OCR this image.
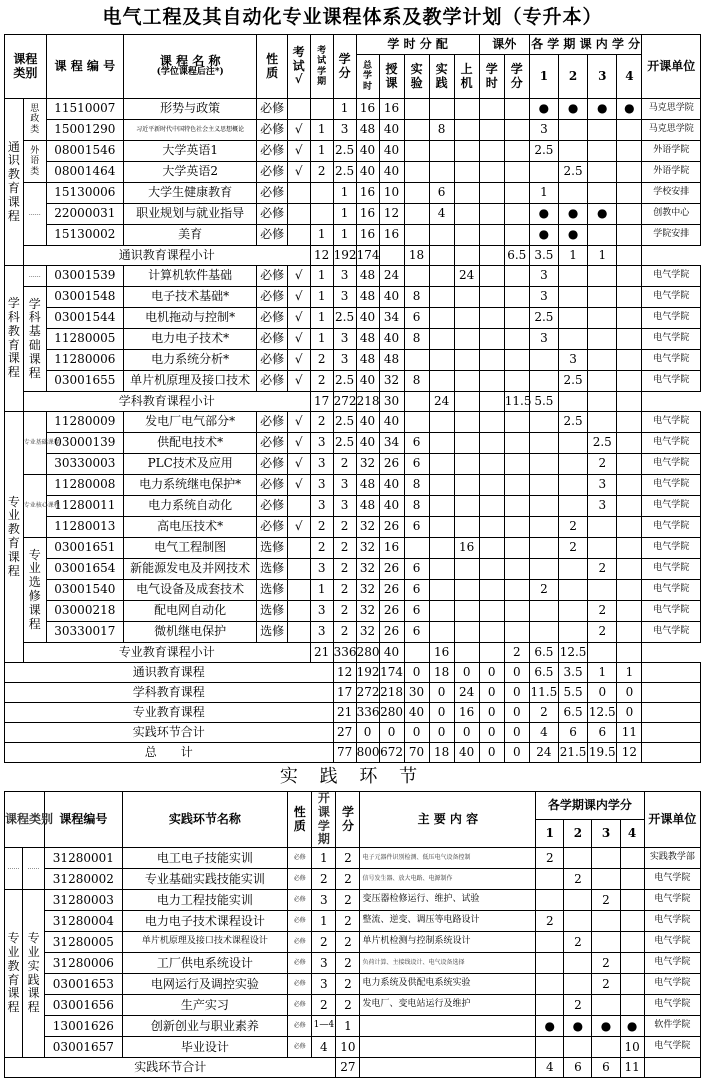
电气工程及其自动化专业课程体系及教学计划（专升本）
课程类别		课 程 编 号	课 程 名 称
(学位课程后注*)	性质	考试√	考试学期	学分	学 时 分 配					课外		各 学 期 课 内 学 分				开课单位

								总学时	授课	实验	实践	上机	学时	学分	1	2	3	4	

通识教育课程	思政类	11510007	形势与政策	必修			1	16	16						●	●	●	●	马克思学院
		15001290	习近平新时代中国特色社会主义思想概论	必修	√	1	3	48	40		8				3				马克思学院

	外语类	08001546	大学英语1	必修	√	1	2.5	40	40						2.5				外语学院
		08001464	大学英语2	必修	√	2	2.5	40	40							2.5			外语学院
	……	15130006	大学生健康教育	必修			1	16	10		6				1				学校安排
		22000031	职业规划与就业指导	必修			1	16	12		4				●	●	●		创教中心
		15130002	美育	必修		1	1	16	16						●	●			学院安排
	通识教育课程小计					12	192	174		18				6.5	3.5	1	1		

学科教育课程	……	03001539	计算机软件基础	必修	√	1	3	48	24			24			3				电气学院

	学科基础课程	03001548	电子技术基础*	必修	√	1	3	48	40	8					3				电气学院
		03001544	电机拖动与控制*	必修	√	1	2.5	40	34	6					2.5				电气学院
		11280005	电力电子技术*	必修	√	1	3	48	40	8					3				电气学院
		11280006	电力系统分析*	必修	√	2	3	48	48							3			电气学院
		03001655	单片机原理及接口技术	必修	√	2	2.5	40	32	8						2.5			电气学院
	学科教育课程小计					17	272	218	30		24			11.5	5.5				

专业教育课程	专业基础课程	11280009	发电厂电气部分*	必修	√	2	2.5	40	40							2.5			电气学院
		03000139	供配电技术*	必修	√	3	2.5	40	34	6							2.5		电气学院
		30330003	PLC技术及应用	必修	√	3	2	32	26	6							2		电气学院
	专业核心课程	11280008	电力系统继电保护*	必修	√	3	3	48	40	8							3		电气学院
		11280011	电力系统自动化	必修		3	3	48	40	8							3		电气学院
		11280013	高电压技术*	必修	√	2	2	32	26	6						2			电气学院

	专业选修课程	03001651	电气工程制图	选修		2	2	32	16			16				2			电气学院
		03001654	新能源发电及并网技术	选修		3	2	32	26	6							2		电气学院
		03001540	电气设备及成套技术	选修		1	2	32	26	6					2				电气学院
		03000218	配电网自动化	选修		3	2	32	26	6							2		电气学院
		30330017	微机继电保护	选修		3	2	32	26	6							2		电气学院
	专业教育课程小计					21	336	280	40		16			2	6.5	12.5			
通识教育课程							12	192	174	0	18	0	0	0	6.5	3.5	1	1	
学科教育课程							17	272	218	30	0	24	0	0	11.5	5.5	0	0	
专业教育课程							21	336	280	40	0	16	0	0	2	6.5	12.5	0	
实践环节合计							27	0	0	0	0	0	0	0	4	6	6	11	
总　　计							77	800	672	70	18	40	0	0	24	21.5	19.5	12	
实 践 环 节
课程类别		课程编号	实践环节名称	性质	开课学期	学分	主 要 内 容	各学期课内学分				开课单位
								1	2	3	4	
……	……	31280001	电工电子技能实训	必修	1	2	电子元器件识别检测、低压电气设备控制	2				实践教学部
		31280002	专业基础实践技能实训	必修	2	2	信号发生器、放大电路、电源制作		2			电气学院

专业教育课程	专业实践课程	31280003	电力工程技能实训	必修	3	2	变压器检修运行、维护、试验			2		电气学院
		31280004	电力电子技术课程设计	必修	1	2	整流、逆变、调压等电路设计	2				电气学院
		31280005	单片机原理及接口技术课程设计	必修	2	2	单片机检测与控制系统设计		2			电气学院
		31280006	工厂供电系统设计	必修	3	2	负荷计算、主接线设计、电气设备选择			2		电气学院
		03001653	电网运行及调控实验	必修	3	2	电力系统及供配电系统实验			2		电气学院
		03001656	生产实习	必修	2	2	发电厂、变电站运行及维护		2			电气学院
		13001626	创新创业与职业素养	必修	1—4	1		●	●	●	●	软件学院
		03001657	毕业设计	必修	4	10					10	电气学院
实践环节合计						27		4	6	6	11	
